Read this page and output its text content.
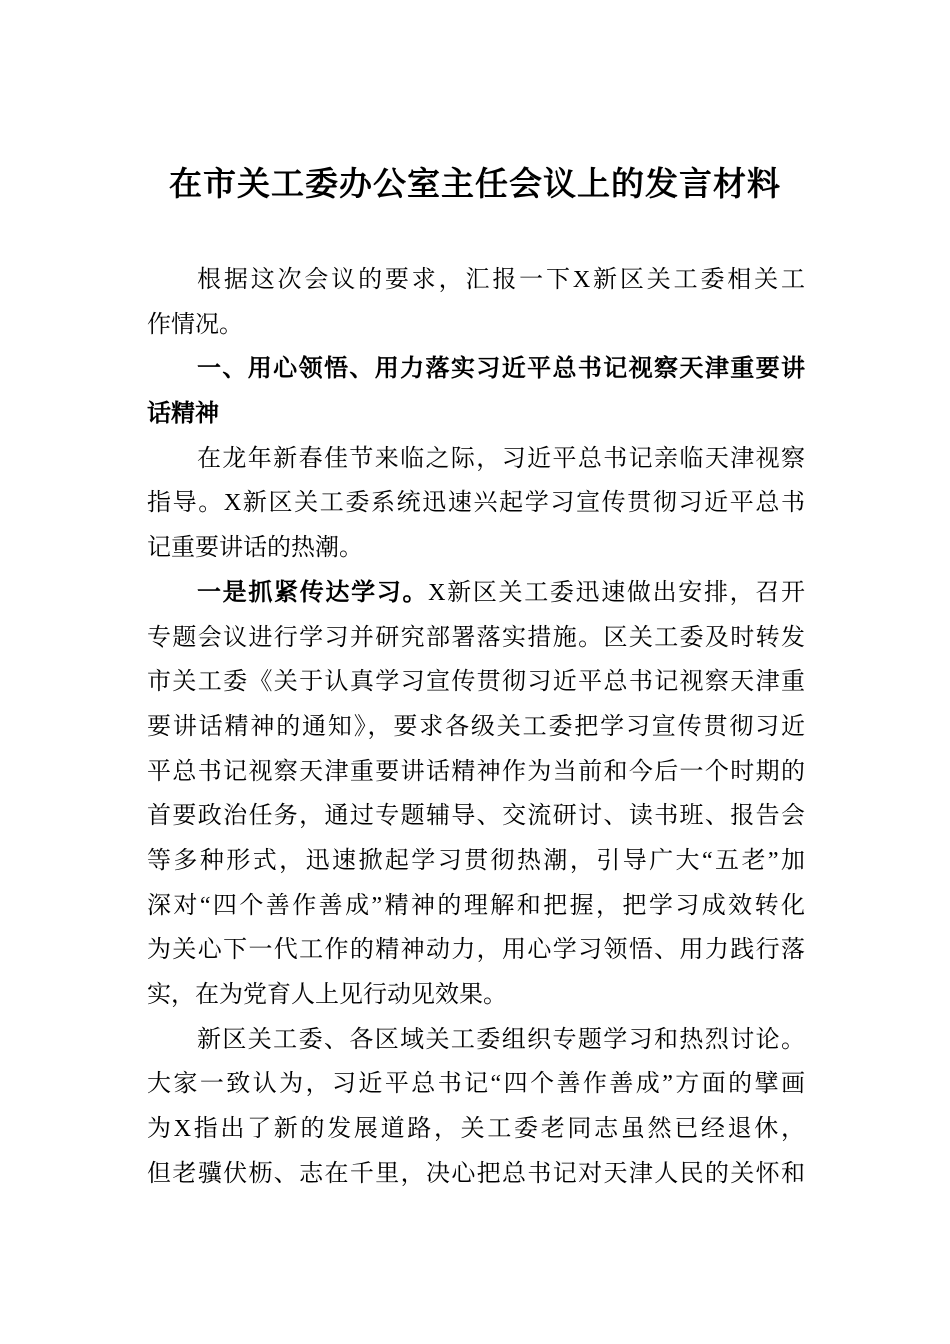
在市关工委办公室主任会议上的发言材料
根据这次会议的要求，汇报一下X新区关工委相关工
作情况。
一、用心领悟、用力落实习近平总书记视察天津重要讲
话精神
在龙年新春佳节来临之际，习近平总书记亲临天津视察
指导。X新区关工委系统迅速兴起学习宣传贯彻习近平总书
记重要讲话的热潮。
一是抓紧传达学习。X新区关工委迅速做出安排，召开
专题会议进行学习并研究部署落实措施。区关工委及时转发
市关工委《关于认真学习宣传贯彻习近平总书记视察天津重
要讲话精神的通知》，要求各级关工委把学习宣传贯彻习近
平总书记视察天津重要讲话精神作为当前和今后一个时期的
首要政治任务，通过专题辅导、交流研讨、读书班、报告会
等多种形式，迅速掀起学习贯彻热潮，引导广大“五老”加
深对“四个善作善成”精神的理解和把握，把学习成效转化
为关心下一代工作的精神动力，用心学习领悟、用力践行落
实，在为党育人上见行动见效果。
新区关工委、各区域关工委组织专题学习和热烈讨论。
大家一致认为，习近平总书记“四个善作善成”方面的擘画
为X指出了新的发展道路，关工委老同志虽然已经退休，
但老骥伏枥、志在千里，决心把总书记对天津人民的关怀和
